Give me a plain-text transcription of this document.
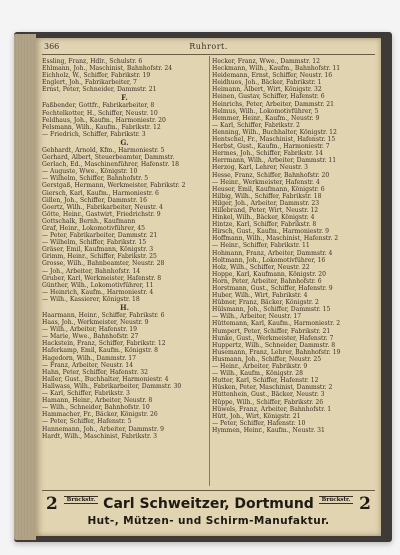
366	Ruhrort.
Essling, Franz, Hdlr., Schulstr. 6
Ehlmann, Joh., Maschinist, Bahnhofstr. 24
Eichholz, W., Schiffer, Fabrikstr. 19
Englert, Joh., Fabrikarbeiter, 7
Ernst, Peter, Schneider, Dammstr. 21
F.
Faßbender, Gottfr., Fabrikarbeiter, 8
Fechtelkotter, H., Schiffer, Neustr. 10
Feldhaus, Joh., Kaufm., Harmoniestr. 20
Felsmann, Wilh., Kaufm., Fabrikstr. 12
— Friedrich, Schiffer, Fabrikstr. 3
G.
Gebhardt, Arnold, Kfm., Harmoniestr. 5
Gerhard, Albert, Steuerbeamter, Dammstr.
Gerlach, Ed., Maschinenführer, Hafenstr. 18
— Auguste, Wwe., Königstr. 10
— Wilhelm, Schiffer, Bahnhofstr. 5
Gerstgaß, Hermann, Werkmeister, Fabrikstr. 2
Giersch, Karl, Kaufm., Harmoniestr. 6
Gillen, Joh., Schiffer, Dammstr. 16
Goertz, Wilh., Fabrikarbeiter, Neustr. 4
Götte, Heinr., Gastwirt, Friedrichstr. 9
Gottschalk, Bernh., Kaufmann
Graf, Heinr., Lokomotivführer, 45
— Peter, Fabrikarbeiter, Dammstr. 21
— Wilhelm, Schiffer, Fabrikstr. 15
Gräser, Emil, Kaufmann, Königstr. 3
Grimm, Heinr., Schiffer, Fabrikstr. 25
Grosse, Wilh., Bahnbeamter, Neustr. 28
— Joh., Arbeiter, Bahnhofstr. 14
Gruber, Karl, Werkmeister, Hafenstr. 8
Günther, Wilh., Lokomotivführer, 11
— Heinrich, Kaufm., Harmoniestr. 4
— Wilh., Kassierer, Königstr. 18
H.
Haarmann, Heinr., Schiffer, Fabrikstr. 6
Haas, Joh., Werkmeister, Neustr. 9
— Wilh., Arbeiter, Hafenstr. 19
— Marie, Wwe., Bahnhofstr. 27
Hackstein, Franz, Schiffer, Fabrikstr. 12
Haferkamp, Emil, Kaufm., Königstr. 8
Hagedorn, Wilh., Dammstr. 17
— Franz, Arbeiter, Neustr. 14
Hahn, Peter, Schiffer, Hafenstr. 32
Haller, Gust., Buchhalter, Harmoniestr. 4
Hallwass, Wilh., Fabrikarbeiter, Dammstr. 30
— Karl, Schiffer, Fabrikstr. 3
Hamann, Heinr., Arbeiter, Neustr. 8
— Wilh., Schneider, Bahnhofstr. 10
Hammacher, Fr., Bäcker, Königstr. 26
— Peter, Schiffer, Hafenstr. 5
Hannemann, Joh., Arbeiter, Dammstr. 9
Hardt, Wilh., Maschinist, Fabrikstr. 3
Hecker, Franz, Wwe., Dammstr. 12
Heckmann, Wilh., Kaufm., Bahnhofstr. 11
Heidemann, Ernst, Schiffer, Neustr. 16
Heidhues, Joh., Bäcker, Fabrikstr. 1
Heimann, Albert, Wirt, Königstr. 32
Heinen, Gustav, Schiffer, Hafenstr. 6
Heinrichs, Peter, Arbeiter, Dammstr. 21
Helmus, Wilh., Lokomotivführer, 5
Hemmer, Heinr., Kaufm., Neustr. 9
— Karl, Schiffer, Fabrikstr. 2
Henning, Wilh., Buchhalter, Königstr. 12
Hentschel, Fr., Maschinist, Hafenstr. 15
Herbst, Gust., Kaufm., Harmoniestr. 7
Hermes, Joh., Schiffer, Fabrikstr. 14
Herrmann, Wilh., Arbeiter, Dammstr. 11
Herzog, Karl, Lehrer, Neustr. 3
Hesse, Franz, Schiffer, Bahnhofstr. 20
— Heinr., Werkmeister, Hafenstr. 4
Heuser, Emil, Kaufmann, Königstr. 6
Hilbig, Wilh., Schiffer, Fabrikstr. 18
Hilger, Joh., Arbeiter, Dammstr. 23
Hillebrand, Peter, Wirt, Neustr. 12
Hinkel, Wilh., Bäcker, Königstr. 4
Hintze, Karl, Schiffer, Fabrikstr. 8
Hirsch, Gust., Kaufm., Harmoniestr. 9
Hoffmann, Wilh., Maschinist, Hafenstr. 2
— Heinr., Schiffer, Fabrikstr. 11
Hohmann, Franz, Arbeiter, Dammstr. 4
Holtmann, Joh., Lokomotivführer, 16
Holz, Wilh., Schiffer, Neustr. 22
Hoppe, Karl, Kaufmann, Königstr. 20
Horn, Peter, Arbeiter, Bahnhofstr. 6
Horstmann, Gust., Schiffer, Hafenstr. 9
Huber, Wilh., Wirt, Fabrikstr. 4
Hübner, Franz, Bäcker, Königstr. 2
Hülsmann, Joh., Schiffer, Dammstr. 15
— Wilh., Arbeiter, Neustr. 17
Hüttemann, Karl, Kaufm., Harmoniestr. 2
Humpert, Peter, Schiffer, Fabrikstr. 21
Hunke, Gust., Werkmeister, Hafenstr. 7
Huppertz, Wilh., Schneider, Dammstr. 8
Husemann, Franz, Lehrer, Bahnhofstr. 19
Husmann, Joh., Schiffer, Neustr. 25
— Heinr., Arbeiter, Fabrikstr. 9
— Wilh., Kaufm., Königstr. 28
Hutter, Karl, Schiffer, Hafenstr. 12
Hüsken, Peter, Maschinist, Dammstr. 2
Hüttenhein, Gust., Bäcker, Neustr. 3
Hüppe, Wilh., Schiffer, Fabrikstr. 26
Hüwels, Franz, Arbeiter, Bahnhofstr. 1
Hütt, Joh., Wirt, Königstr. 21
— Peter, Schiffer, Hafenstr. 10
Hymmen, Heinr., Kaufm., Neustr. 31
2	Brückstr. Carl Schweitzer, Dortmund	Brückstr. 2
Hut-, Mützen- und Schirm-Manufaktur.
